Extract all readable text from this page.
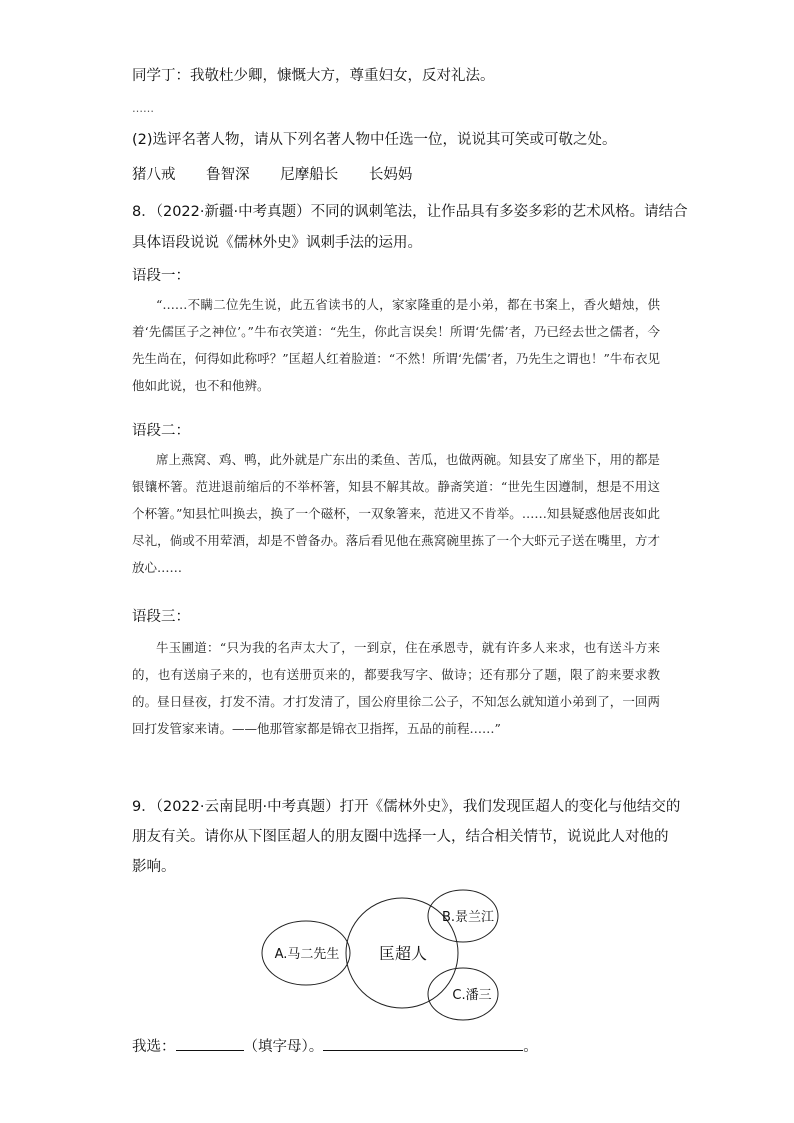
同学丁：我敬杜少卿，慷慨大方，尊重妇女，反对礼法。
……
(2)选评名著人物，请从下列名著人物中任选一位，说说其可笑或可敬之处。
猪八戒 鲁智深 尼摩船长 长妈妈
8．（2022·新疆·中考真题）不同的讽刺笔法，让作品具有多姿多彩的艺术风格。请结合
具体语段说说《儒林外史》讽刺手法的运用。
语段一：

“……不瞒二位先生说，此五省读书的人，家家隆重的是小弟，都在书案上，香火蜡烛，供着‘先儒匡子之神位’。”牛布衣笑道：“先生，你此言误矣！所谓‘先儒’者，乃已经去世之儒者，今先生尚在，何得如此称呼？”匡超人红着脸道：“不然！所谓‘先儒’者，乃先生之谓也！”牛布衣见他如此说，也不和他辨。

语段二：

席上燕窝、鸡、鸭，此外就是广东出的柔鱼、苦瓜，也做两碗。知县安了席坐下，用的都是银镶杯箸。范进退前缩后的不举杯箸，知县不解其故。静斋笑道：“世先生因遵制，想是不用这个杯箸。”知县忙叫换去，换了一个磁杯，一双象箸来，范进又不肯举。……知县疑惑他居丧如此尽礼，倘或不用荤酒，却是不曾备办。落后看见他在燕窝碗里拣了一个大虾元子送在嘴里，方才放心……

语段三：

牛玉圃道：“只为我的名声太大了，一到京，住在承恩寺，就有许多人来求，也有送斗方来的，也有送扇子来的，也有送册页来的，都要我写字、做诗；还有那分了题，限了韵来要求教的。昼日昼夜，打发不清。才打发清了，国公府里徐二公子，不知怎么就知道小弟到了，一回两回打发管家来请。——他那管家都是锦衣卫指挥，五品的前程……”

9．（2022·云南昆明·中考真题）打开《儒林外史》，我们发现匡超人的变化与他结交的
朋友有关。请你从下图匡超人的朋友圈中选择一人，结合相关情节，说说此人对他的
影响。
匡超人
A.马二先生
B.景兰江
C.潘三
我选：	（填字母）。	。
